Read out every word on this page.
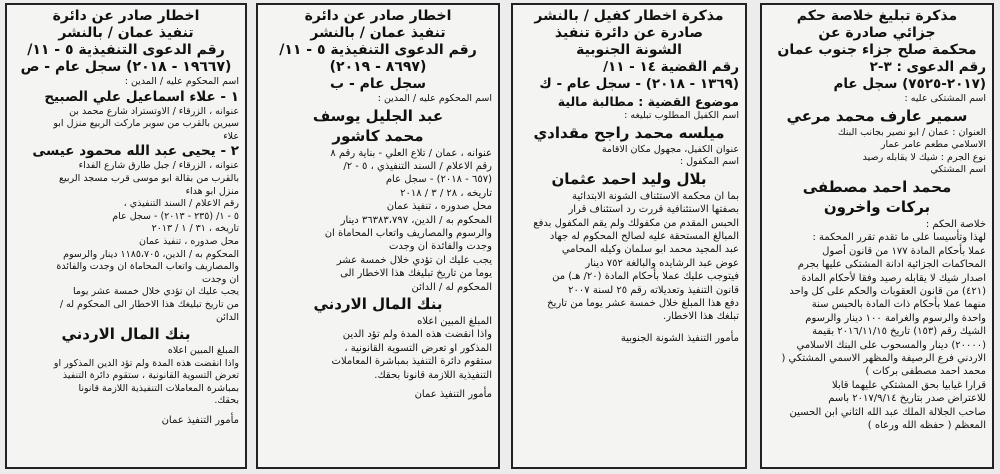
مذكرة تبليغ خلاصة حكم

جزائي صادرة عن

محكمة صلح جزاء جنوب عمان

رقم الدعوى : ٣-٢

(٢٠١٧-٧٥٢٥) سجل عام

اسم المشتكى عليه :

سمير عارف محمد مرعي

العنوان : عمان / ابو نصير بجانب البنك

الاسلامي مطعم عامر عمار

نوع الجرم : شيك لا يقابله رصيد

اسم المشتكي

محمد احمد مصطفى

بركات واخرون

خلاصة الحكم :

لهذا وتأسيسا على ما تقدم تقرر المحكمة :

عملا بأحكام المادة ١٧٧ من قانون أصول

المحاكمات الجزائية ادانة المشتكى عليها بجرم

اصدار شيك لا يقابله رصيد وفقا لأحكام المادة

(٤٢١) من قانون العقوبات والحكم على كل واحد

منهما عملا بأحكام ذات المادة بالحبس سنة

واحدة والرسوم والغرامة ١٠٠ دينار والرسوم

الشيك رقم (١٥٣) تاريخ ٢٠١٦/١١/١٥ بقيمة

(٢٠٠٠٠) دينار والمسحوب على البنك الاسلامي

الاردني فرع الرصيفة والمظهر الاسمي المشتكي (

محمد احمد مصطفى بركات )

قرارا غيابيا بحق المشتكي عليهما قابلا

للاعتراض صدر بتاريخ ٢٠١٧/٩/١٤ باسم

صاحب الجلالة الملك عبد الله الثاني ابن الحسين

المعظم ( حفظه الله ورعاه )

مذكرة اخطار كفيل / بالنشر

صادرة عن دائرة تنفيذ

الشونة الجنوبية

رقم القضية ١٤ - ١١/

(١٣٦٩ - ٢٠١٨) - سجل عام - ك

موضوع القضية : مطالبة مالية

اسم الكفيل المطلوب تبليغه :

ميلسه محمد راجح مقدادي

عنوان الكفيل، مجهول مكان الاقامة

اسم المكفول :

بلال وليد احمد عثمان

بما ان محكمة الاستئناف الشونة الابتدائية

بصفتها الاستئنافية قررت رد استئناف قرار

الحبس المقدم من مكفولك ولم يقم المكفول بدفع

المبالغ المستحقة عليه لصالح المحكوم له جهاد

عبد المجيد محمد ابو سلمان وكيله المحامي

عوض عبد الرشايده والبالغة ٧٥٢ دينار

فيتوجب عليك عملا بأحكام المادة (٢٠/ هـ) من

قانون التنفيذ وتعديلاته رقم ٢٥ لسنة ٢٠٠٧

دفع هذا المبلغ خلال خمسة عشر يوما من تاريخ

تبلغك هذا الاخطار.

مأمور التنفيذ الشونة الجنوبية

اخطار صادر عن دائرة

تنفيذ عمان / بالنشر

رقم الدعوى التنفيذية ٥ - ١١/

(٨٦٩٧ - ٢٠١٩)

سجل عام - ب

اسم المحكوم عليه / المدين :

عبد الجليل يوسف

محمد كاشور

عنوانه ، عمان / تلاع العلي - بناية رقم ٨

رقم الاعلام / السند التنفيذي ، ٥ - ٢/

(٦٥٧ - ٢٠١٨) - سجل عام

تاريخه ، ٢٨ / ٣ / ٢٠١٨

محل صدوره ، تنفيذ عمان

المحكوم به / الدين، ٣٦٣٨٣،٧٩٧ دينار

والرسوم والمصاريف واتعاب المحاماة ان

وجدت والفائدة ان وجدت

يجب عليك ان تؤدي خلال خمسة عشر

يوما من تاريخ تبليغك هذا الاخطار الى

المحكوم له / الدائن

بنك المال الاردني

المبلغ المبين اعلاه

واذا انقضت هذه المدة ولم تؤد الدين

المذكور او تعرض التسوية القانونية ،

ستقوم دائرة التنفيذ بمباشرة المعاملات

التنفيذية اللازمة قانونا بحقك.

مأمور التنفيذ عمان

اخطار صادر عن دائرة

تنفيذ عمان / بالنشر

رقم الدعوى التنفيذية ٥ - ١١/

(١٩٦٦٧ - ٢٠١٨) سجل عام - ص

اسم المحكوم عليه / المدين :

١ - علاء اسماعيل علي الصبيح

عنوانه ، الزرقاء / الاوتستراد شارع محمد بن

سيرين بالقرب من سوبر ماركت الربيع منزل ابو

علاء

٢ - يحيى عبد الله محمود عيسى

عنوانه ، الزرقاء / جبل طارق شارع الفداء

بالقرب من بقالة ابو موسى قرب مسجد الربيع

منزل ابو هداء

رقم الاعلام / السند التنفيذي ،

٥ - ١/ (٢٣٥ - ٢٠١٣) - سجل عام

تاريخه ، ٣١ / ١ / ٢٠١٣

محل صدوره ، تنفيذ عمان

المحكوم به / الدين، ١١٨٥،٧٠٥ دينار والرسوم

والمصاريف واتعاب المحاماة ان وجدت والفائدة

ان وجدت

يجب عليك ان تؤدي خلال خمسة عشر يوما

من تاريخ تبليغك هذا الاخطار الى المحكوم له /

الدائن

بنك المال الاردني

المبلغ المبين اعلاه

واذا انقضت هذه المدة ولم تؤد الدين المذكور او

تعرض التسوية القانونية ، ستقوم دائرة التنفيذ

بمباشرة المعاملات التنفيذية اللازمة قانونا

بحقك.

مأمور التنفيذ عمان
